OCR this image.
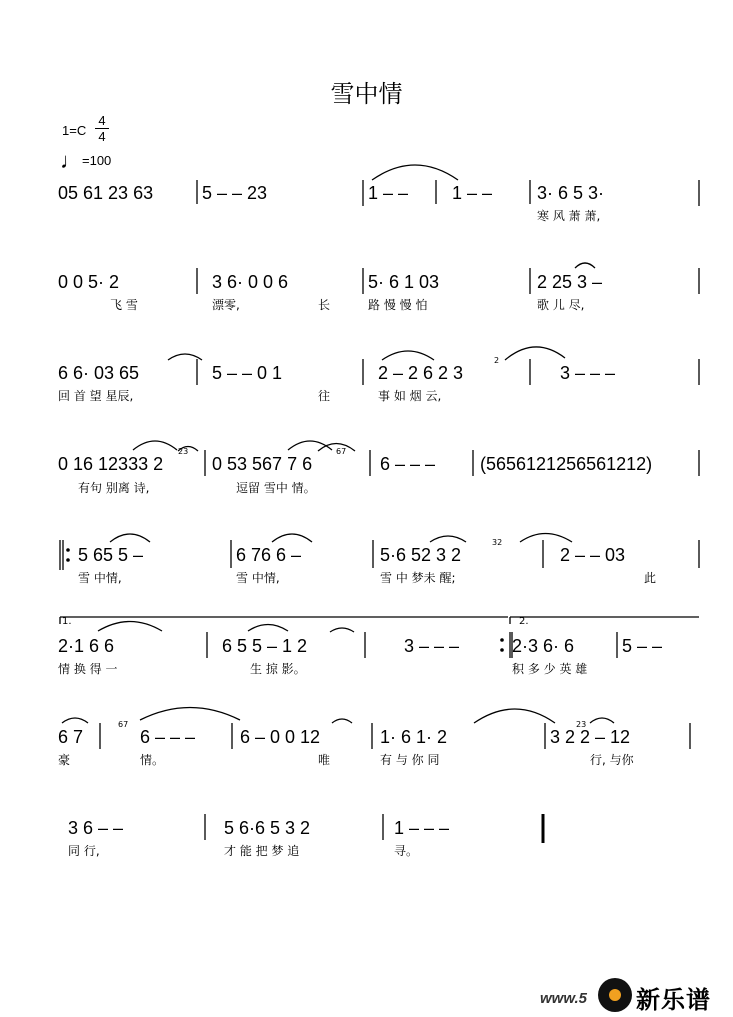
雪中情
1=C
4
4
♩=100
05 61 23 63	5 – – 23	1 – – 1 – – 3· 6 5 3·
寒 风 萧 萧,
0 0 5· 2	3 6· 0 0 6	5· 6 1 03	2 25 3 –
飞 雪	漂零,	长	路 慢 慢 怕	歌 儿 尽,
6 6· 03 65	5 – – 0 1	2 – 2 6 2 3	3 – – –
回 首 望 星辰,	往	事 如 烟 云,
0 16 12333 2	0 53 567 7 6	6 – – – (5656121256561212)
有句 别离 诗,	逗留 雪中 情。
5 65 5 –	6 76 6 –	5·6 52 3 2	2 – – 03
雪 中情,	雪 中情,	雪 中 梦未 醒;	此
1.	2.
2·1 6 6	6 5 5 – 1 2	3 – – –	2·3 6· 6	5 – –
情 换 得 一	生 掠 影。	积 多 少 英 雄
6 7	6 – – – 6 – 0 0 12	1· 6 1· 2	3 2 2 – 12
豪	情。	唯	有 与 你 同	行, 与你
3 6 – –	5 6·6 5 3 2	1 – – –
同 行,	才 能 把 梦 追	寻。
2
23	67
32
67	23
www.5 新乐谱
